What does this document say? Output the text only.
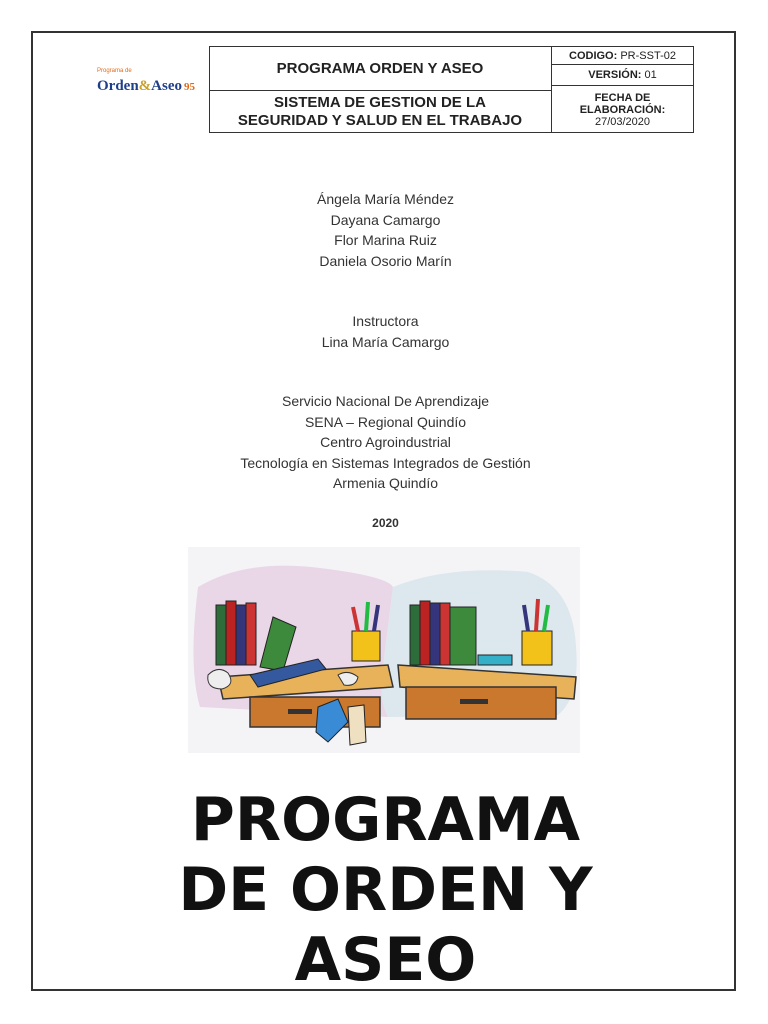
Programa de
Orden&Aseo 95
PROGRAMA ORDEN Y ASEO
SISTEMA DE GESTION DE LA
SEGURIDAD Y SALUD EN EL TRABAJO
CODIGO:
PR-SST-02
VERSIÓN:
01
FECHA DE
ELABORACIÓN:
27/03/2020
Ángela María Méndez
Dayana Camargo
Flor Marina Ruiz
Daniela Osorio Marín
Instructora
Lina María Camargo
Servicio Nacional De Aprendizaje
SENA – Regional Quindío
Centro Agroindustrial
Tecnología en Sistemas Integrados de Gestión
Armenia Quindío
2020
PROGRAMA
DE ORDEN Y
ASEO
